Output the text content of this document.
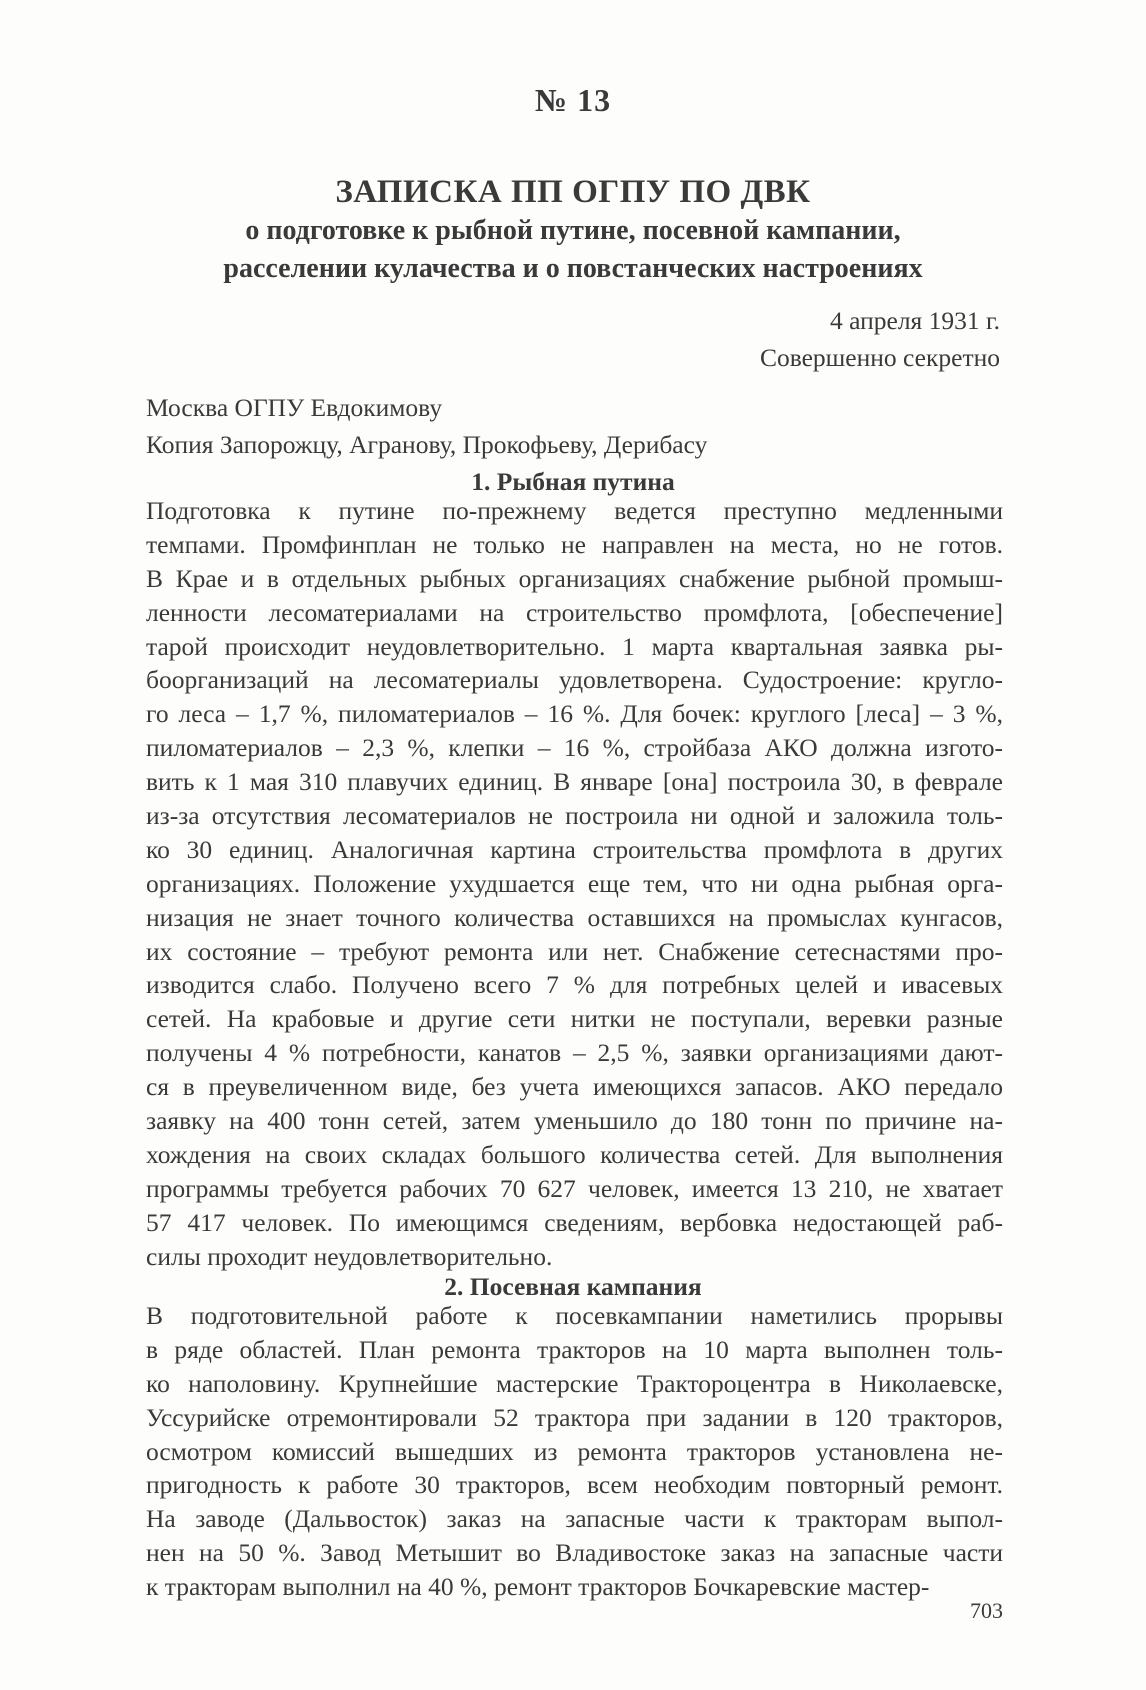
№ 13
ЗАПИСКА ПП ОГПУ ПО ДВК
о подготовке к рыбной путине, посевной кампании,
расселении кулачества и о повстанческих настроениях
4 апреля 1931 г.
Совершенно секретно
Москва ОГПУ Евдокимову
Копия Запорожцу, Агранову, Прокофьеву, Дерибасу
1. Рыбная путина
Подготовка к путине по-прежнему ведется преступно медленными
темпами. Промфинплан не только не направлен на места, но не готов.
В Крае и в отдельных рыбных организациях снабжение рыбной промыш-
ленности лесоматериалами на строительство промфлота, [обеспечение]
тарой происходит неудовлетворительно. 1 марта квартальная заявка ры-
боорганизаций на лесоматериалы удовлетворена. Судостроение: кругло-
го леса – 1,7 %, пиломатериалов – 16 %. Для бочек: круглого [леса] – 3 %,
пиломатериалов – 2,3 %, клепки – 16 %, стройбаза АКО должна изгото-
вить к 1 мая 310 плавучих единиц. В январе [она] построила 30, в феврале
из-за отсутствия лесоматериалов не построила ни одной и заложила толь-
ко 30 единиц. Аналогичная картина строительства промфлота в других
организациях. Положение ухудшается еще тем, что ни одна рыбная орга-
низация не знает точного количества оставшихся на промыслах кунгасов,
их состояние – требуют ремонта или нет. Снабжение сетеснастями про-
изводится слабо. Получено всего 7 % для потребных целей и ивасевых
сетей. На крабовые и другие сети нитки не поступали, веревки разные
получены 4 % потребности, канатов – 2,5 %, заявки организациями дают-
ся в преувеличенном виде, без учета имеющихся запасов. АКО передало
заявку на 400 тонн сетей, затем уменьшило до 180 тонн по причине на-
хождения на своих складах большого количества сетей. Для выполнения
программы требуется рабочих 70 627 человек, имеется 13 210, не хватает
57 417 человек. По имеющимся сведениям, вербовка недостающей раб-
силы проходит неудовлетворительно.
2. Посевная кампания
В подготовительной работе к посевкампании наметились прорывы
в ряде областей. План ремонта тракторов на 10 марта выполнен толь-
ко наполовину. Крупнейшие мастерские Трактороцентра в Николаевске,
Уссурийске отремонтировали 52 трактора при задании в 120 тракторов,
осмотром комиссий вышедших из ремонта тракторов установлена не-
пригодность к работе 30 тракторов, всем необходим повторный ремонт.
На заводе (Дальвосток) заказ на запасные части к тракторам выпол-
нен на 50 %. Завод Метышит во Владивостоке заказ на запасные части
к тракторам выполнил на 40 %, ремонт тракторов Бочкаревские мастер-
703
